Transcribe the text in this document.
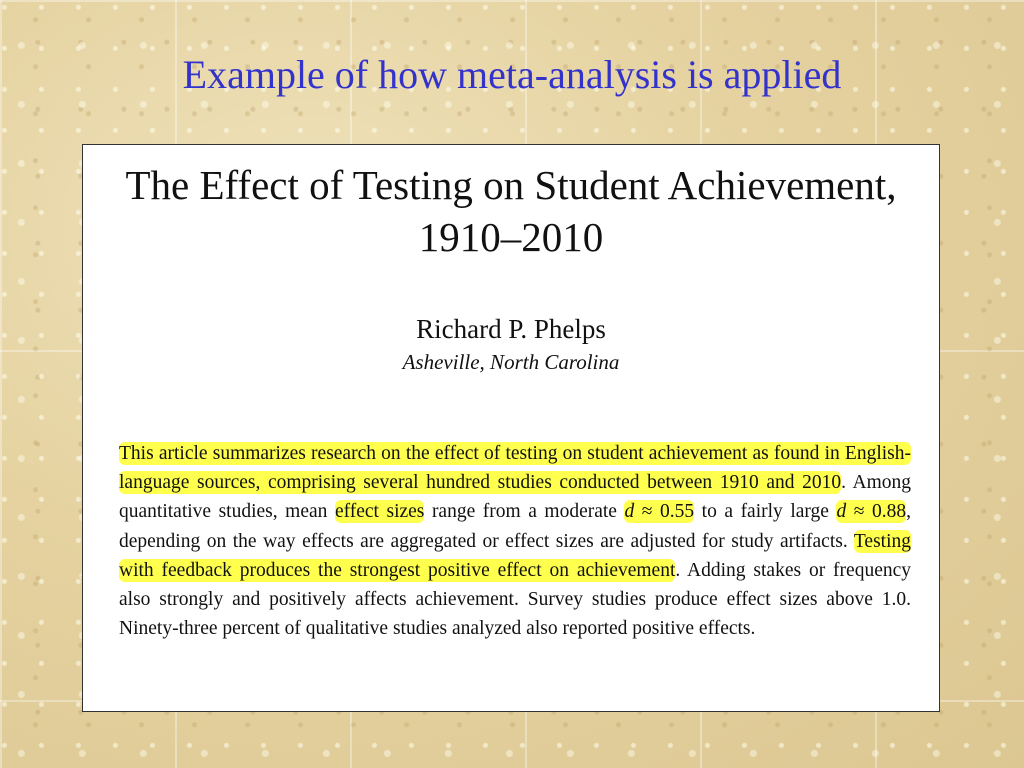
Example of how meta-analysis is applied
The Effect of Testing on Student Achievement, 1910–2010
Richard P. Phelps
Asheville, North Carolina
This article summarizes research on the effect of testing on student achievement as found in English-language sources, comprising several hundred studies conducted between 1910 and 2010. Among quantitative studies, mean effect sizes range from a moderate d ≈ 0.55 to a fairly large d ≈ 0.88, depending on the way effects are aggregated or effect sizes are adjusted for study artifacts. Testing with feedback produces the strongest positive effect on achievement. Adding stakes or frequency also strongly and positively affects achievement. Survey studies produce effect sizes above 1.0. Ninety-three percent of qualitative studies analyzed also reported positive effects.
